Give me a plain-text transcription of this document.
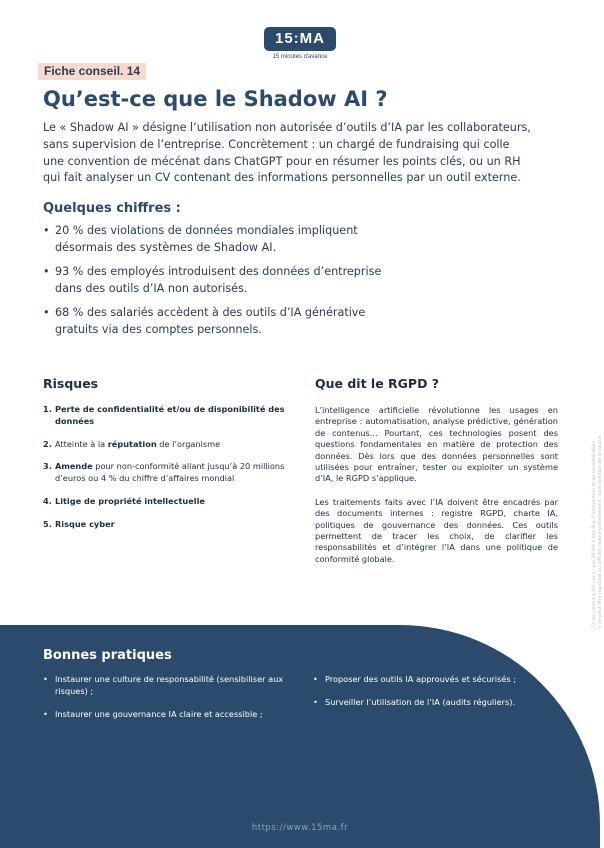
15:MA
15 minutes d'avance
Fiche conseil. 14
Qu’est-ce que le Shadow AI ?
Le « Shadow AI » désigne l’utilisation non autorisée d’outils d’IA par les collaborateurs,
sans supervision de l’entreprise. Concrètement : un chargé de fundraising qui colle
une convention de mécénat dans ChatGPT pour en résumer les points clés, ou un RH
qui fait analyser un CV contenant des informations personnelles par un outil externe.
Quelques chiffres :
• 20 % des violations de données mondiales impliquent
désormais des systèmes de Shadow AI.
• 93 % des employés introduisent des données d’entreprise
dans des outils d’IA non autorisés.
• 68 % des salariés accèdent à des outils d’IA générative
gratuits via des comptes personnels.
Risques
1. Perte de confidentialité et/ou de disponibilité des données
2. Atteinte à la réputation de l’organisme
3. Amende pour non-conformité allant jusqu’à 20 millions d’euros ou 4 % du chiffre d’affaires mondial
4. Litige de propriété intellectuelle
5. Risque cyber
Que dit le RGPD ?

L’intelligence artificielle révolutionne les usages en entreprise : automatisation, analyse prédictive, génération de contenus... Pourtant, ces technologies posent des questions fondamentales en matière de protection des données. Dès lors que des données personnelles sont utilisées pour entraîner, tester ou exploiter un système d’IA, le RGPD s’applique.

Les traitements faits avec l’IA doivent être encadrés par des documents internes : registre RGPD, charte IA, politiques de gouvernance des données. Ces outils permettent de tracer les choix, de clarifier les responsabilités et d’intégrer l’IA dans une politique de conformité globale.	Ce document a été conçu par 15:MA à des fins d’information et de sensibilisation. Il ne peut être reproduit ou diffusé, même partiellement, sans mention de la source.
Bonnes pratiques
• Instaurer une culture de responsabilité (sensibiliser aux risques) ;
• Instaurer une gouvernance IA claire et accessible ;
• Proposer des outils IA approuvés et sécurisés ;
• Surveiller l’utilisation de l’IA (audits réguliers).
https://www.15ma.fr
